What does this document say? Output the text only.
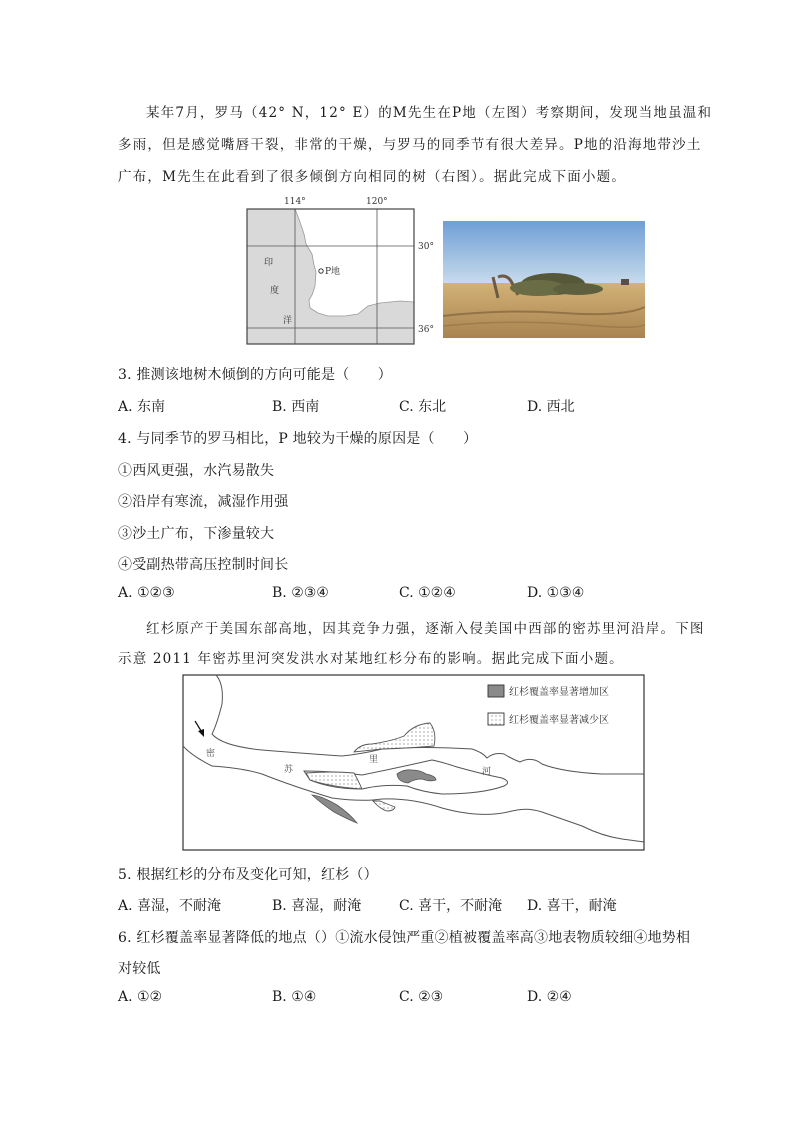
某年7月，罗马（42° N，12° E）的M先生在P地（左图）考察期间，发现当地虽温和
多雨，但是感觉嘴唇干裂，非常的干燥，与罗马的同季节有很大差异。P地的沿海地带沙土
广布，M先生在此看到了很多倾倒方向相同的树（右图）。据此完成下面小题。
114°	120°
30°
36°
印
度
洋
P地
3. 推测该地树木倾倒的方向可能是（　　）
A. 东南	B. 西南	C. 东北	D. 西北
4. 与同季节的罗马相比，P 地较为干燥的原因是（　　）
①西风更强，水汽易散失
②沿岸有寒流，减湿作用强
③沙土广布，下渗量较大
④受副热带高压控制时间长
A. ①②③	B. ②③④	C. ①②④	D. ①③④
红杉原产于美国东部高地，因其竞争力强，逐渐入侵美国中西部的密苏里河沿岸。下图
示意 2011 年密苏里河突发洪水对某地红杉分布的影响。据此完成下面小题。
密
苏
里
河
红杉覆盖率显著增加区
红杉覆盖率显著减少区
5. 根据红杉的分布及变化可知，红杉（）
A. 喜湿，不耐淹	B. 喜湿，耐淹	C. 喜干，不耐淹	D. 喜干，耐淹
6. 红杉覆盖率显著降低的地点（）①流水侵蚀严重②植被覆盖率高③地表物质较细④地势相
对较低
A. ①②	B. ①④	C. ②③	D. ②④
